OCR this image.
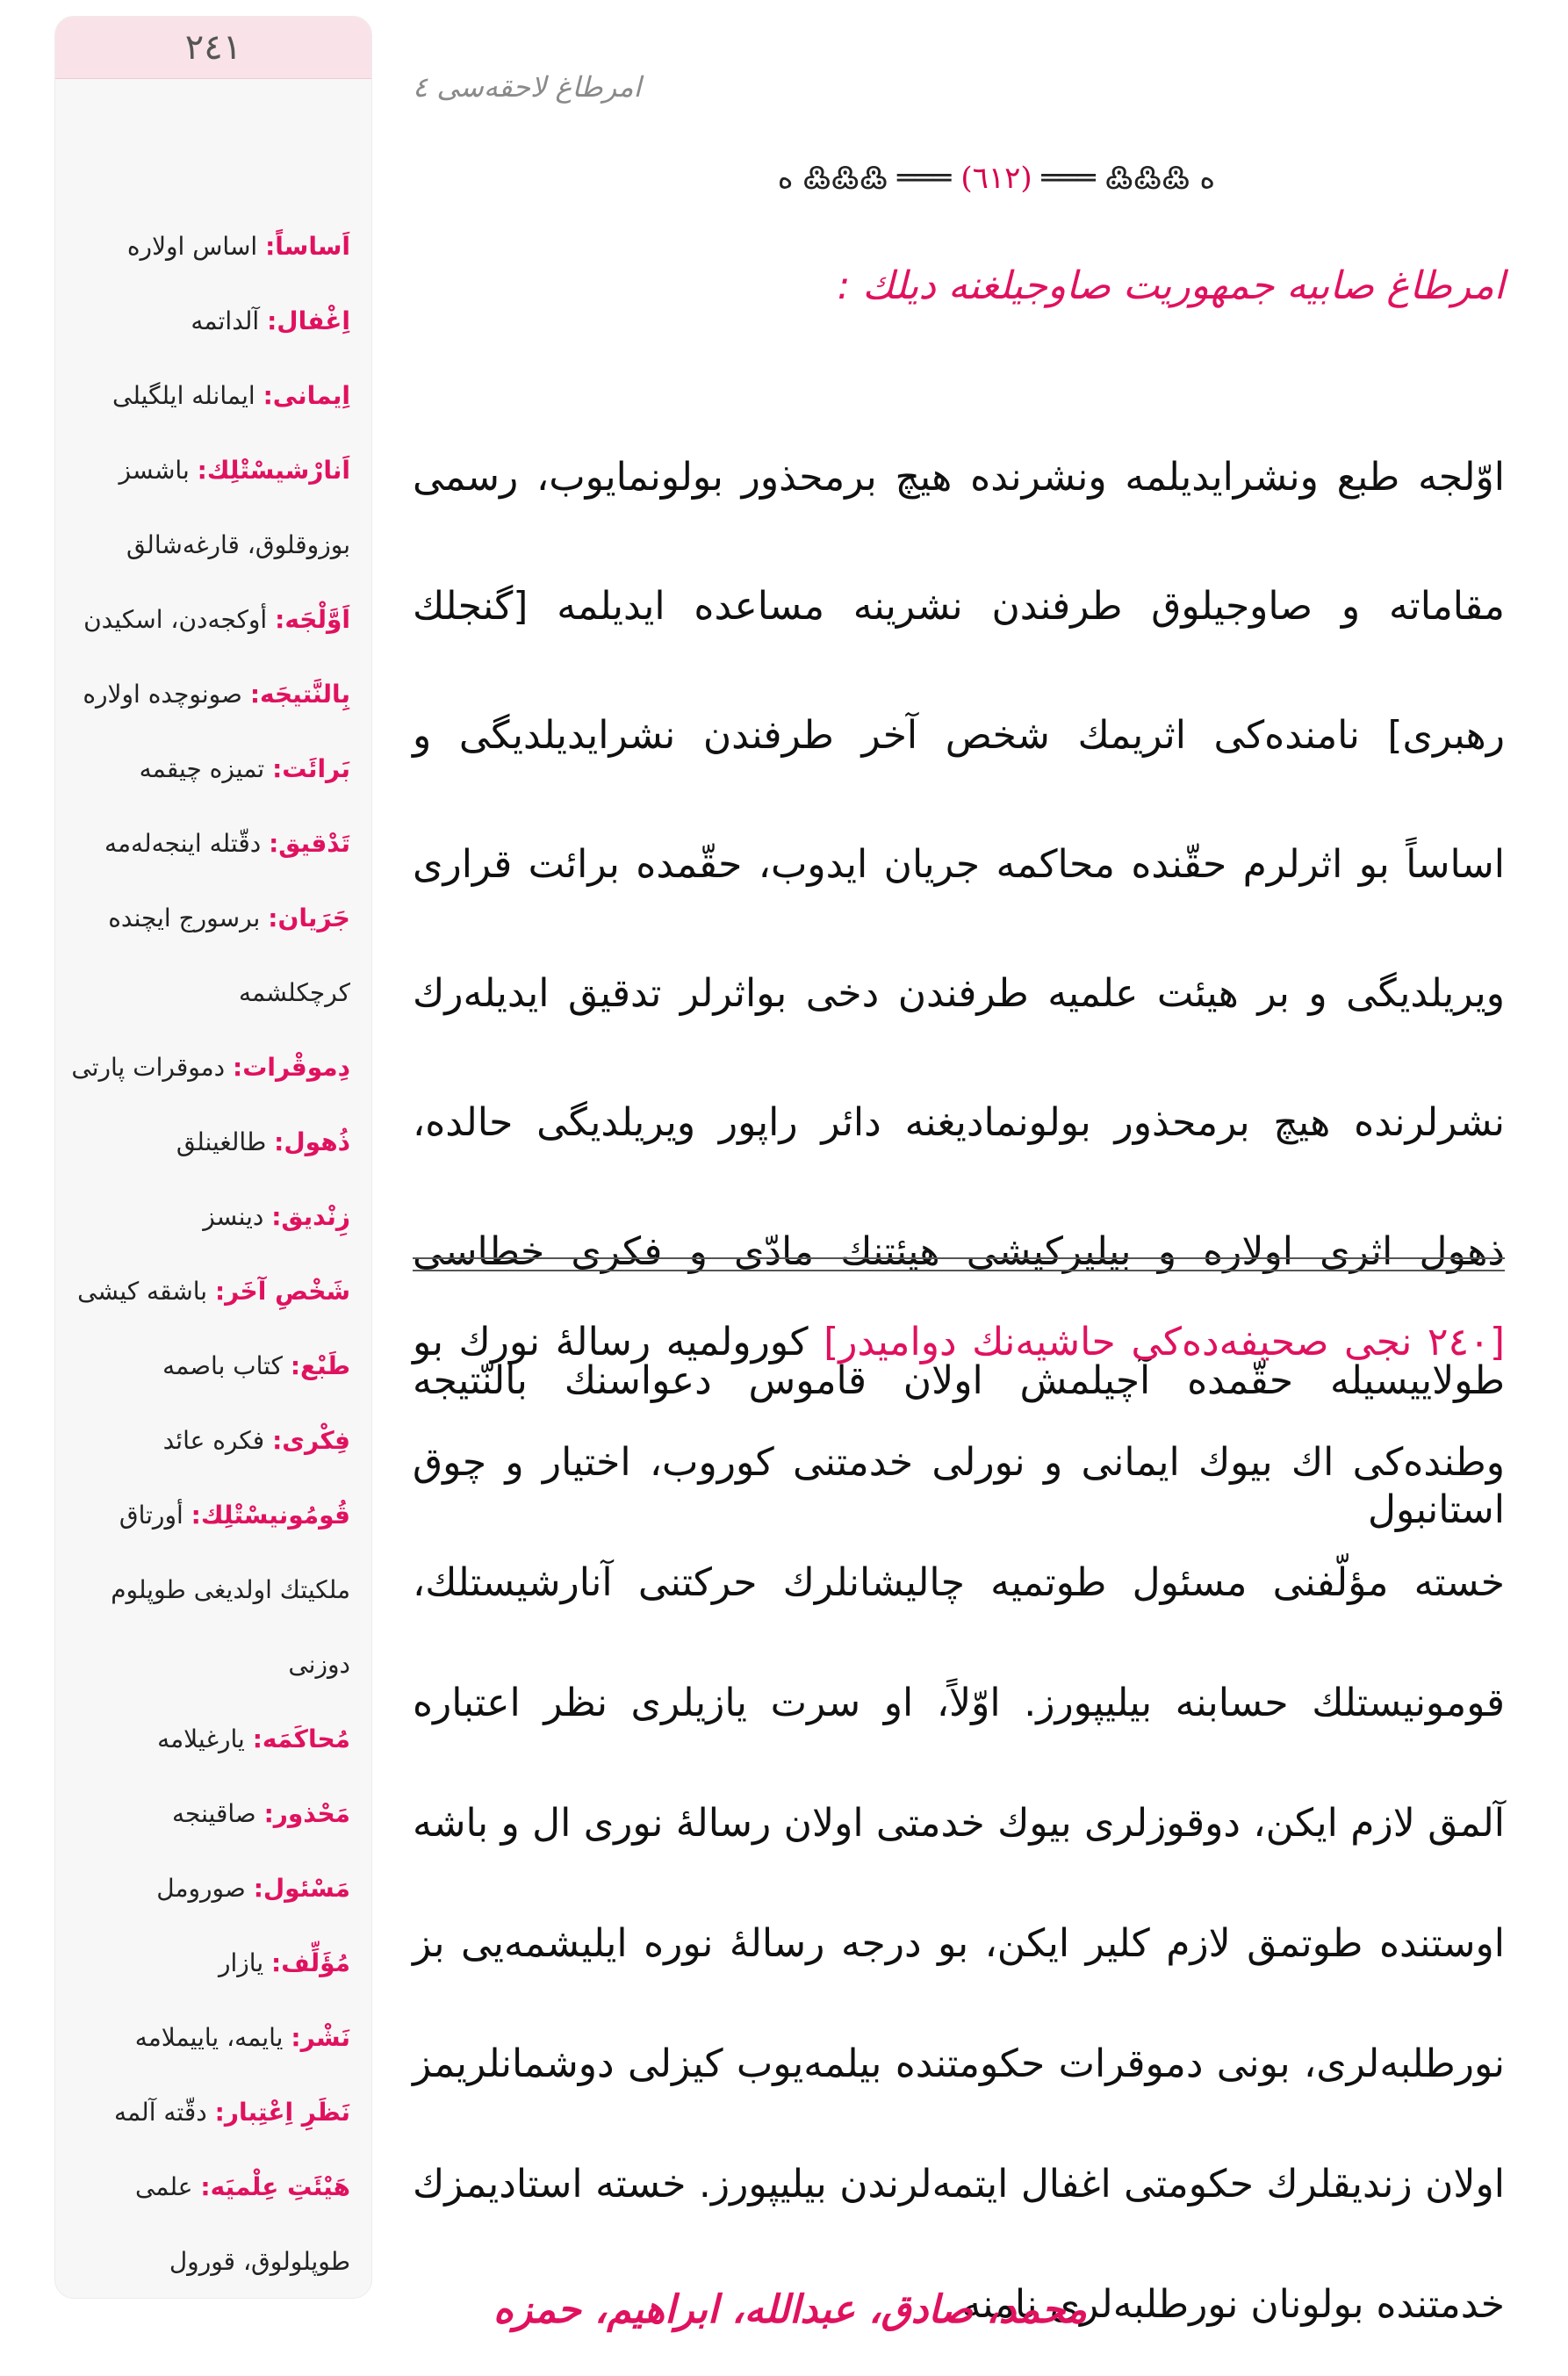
٢٤١
اَساساً: اساس اولاره
اِغْفال: آلداتمه
اِیمانی: ایمانله ایلگیلی
اَنارْشیسْتْلِك: باشسز بوزوقلوق، قارغه‌شالق
اَوَّلْجَه: أوكجەدن، اسكیدن
بِالنَّتیجَه: صونوچده اولاره
بَرائَت: تمیزه چیقمه
تَدْقیق: دقّتله اینجەلەمه
جَرَیان: برسورج ایچنده كرچكلشمه
دِموقْرات: دموقرات پارتی
ذُهول: طالغینلق
زِنْدیق: دینسز
شَخْصِ آخَر: باشقه كیشی
طَبْع: كتاب باصمه
فِكْری: فكره عائد
قُومُونیسْتْلِك: أورتاق ملكیتك اولدیغی طوپلوم دوزنی
مُحاكَمَه: یارغیلامه
مَحْذور: صاقینجه
مَسْئول: صورومل
مُؤَلِّف: یازار
نَشْر: یایمه، یاییملامه
نَظَرِ اِعْتِبار: دقّته آلمه
هَیْئَتِ عِلْمیَه: علمی طوپلولوق، قورول
امرطاغ لاحقەسی ٤
ﻩ ߷߷߷ ═══ (٦١٢) ═══ ߷߷߷ ﻩ
امرطاغ صابیه جمهوریت صاوجیلغنه دیلك :

اوّلجه طبع ونشرایدیلمه ونشرنده هیچ برمحذور بولونمایوب، رسمی مقاماته و صاوجیلوق طرفندن نشرینه مساعده ایدیلمه [گنجلك رهبری] نامنده‌کی اثریمك شخص آخر طرفندن نشرایدیلدیگی و اساساً بو اثرلرم حقّنده محاكمه جریان ایدوب، حقّمده برائت قراری ویریلدیگی و بر هیئت علمیه طرفندن دخی بواثرلر تدقیق ایدیلەرك نشرلرنده هیچ برمحذور بولونمادیغنه دائر راپور ویریلدیگی حالده، ذهول اثری اولاره و بیلیرکیشی هیئتنك مادّی و فكری خطاسی طولاییسیله حقّمده آچیلمش اولان قاموس دعواسنك بالنّتیجه استانبول

[٢٤٠ نجی صحیفه‌ده‌كی حاشیه‌نك دوامیدر] كورولمیه رساله‌ٔ نورك بو وطنده‌كی اك بیوك ایمانی و نورلی خدمتنی كوروب، اختیار و چوق خسته مؤلّفنی مسئول طوتمیه چالیشانلرك حركتنی آنارشیستلك، قومونیستلك حسابنه بیلیپورز. اوّلاً، او سرت یازیلری نظر اعتباره آلمق لازم ایكن، دوقوزلری بیوك خدمتی اولان رساله‌ٔ نوری ال و باشه اوستنده طوتمق لازم كلیر ایكن، بو درجه رساله‌ٔ نوره ایلیشمه‌یی بز نورطلبه‌لری، بونی دموقرات حكومتنده بیلمه‌یوب كیزلی دوشمانلریمز اولان زندیقلرك حكومتی اغفال ایتمه‌لرندن بیلیپورز. خسته استادیمزك خدمتنده بولونان نورطلبه‌لری نامنه

محمد، صادق، عبدالله، ابراهیم، حمزه
